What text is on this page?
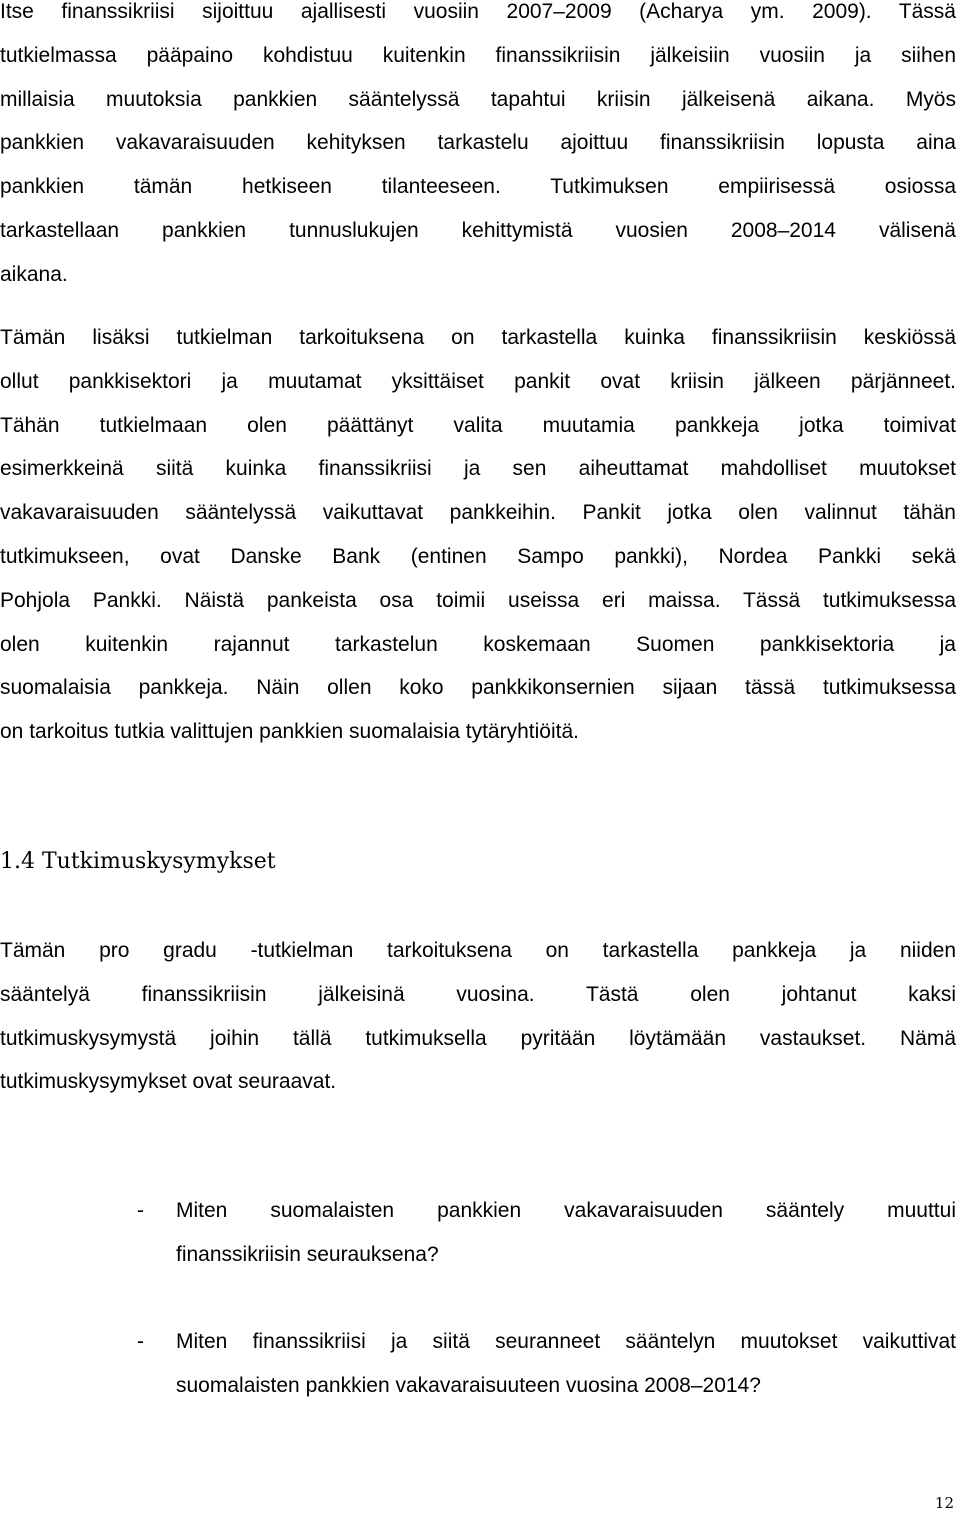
Itse finanssikriisi sijoittuu ajallisesti vuosiin 2007–2009 (Acharya ym. 2009). Tässä
tutkielmassa pääpaino kohdistuu kuitenkin finanssikriisin jälkeisiin vuosiin ja siihen
millaisia muutoksia pankkien sääntelyssä tapahtui kriisin jälkeisenä aikana. Myös
pankkien vakavaraisuuden kehityksen tarkastelu ajoittuu finanssikriisin lopusta aina
pankkien tämän hetkiseen tilanteeseen. Tutkimuksen empiirisessä osiossa
tarkastellaan pankkien tunnuslukujen kehittymistä vuosien 2008–2014 välisenä
aikana.

Tämän lisäksi tutkielman tarkoituksena on tarkastella kuinka finanssikriisin keskiössä
ollut pankkisektori ja muutamat yksittäiset pankit ovat kriisin jälkeen pärjänneet.
Tähän tutkielmaan olen päättänyt valita muutamia pankkeja jotka toimivat
esimerkkeinä siitä kuinka finanssikriisi ja sen aiheuttamat mahdolliset muutokset
vakavaraisuuden sääntelyssä vaikuttavat pankkeihin. Pankit jotka olen valinnut tähän
tutkimukseen, ovat Danske Bank (entinen Sampo pankki), Nordea Pankki sekä
Pohjola Pankki. Näistä pankeista osa toimii useissa eri maissa. Tässä tutkimuksessa
olen kuitenkin rajannut tarkastelun koskemaan Suomen pankkisektoria ja
suomalaisia pankkeja. Näin ollen koko pankkikonsernien sijaan tässä tutkimuksessa
on tarkoitus tutkia valittujen pankkien suomalaisia tytäryhtiöitä.

1.4 Tutkimuskysymykset

Tämän pro gradu -tutkielman tarkoituksena on tarkastella pankkeja ja niiden
sääntelyä finanssikriisin jälkeisinä vuosina. Tästä olen johtanut kaksi
tutkimuskysymystä joihin tällä tutkimuksella pyritään löytämään vastaukset. Nämä
tutkimuskysymykset ovat seuraavat.

- Miten suomalaisten pankkien vakavaraisuuden sääntely muuttui
finanssikriisin seurauksena?
- Miten finanssikriisi ja siitä seuranneet sääntelyn muutokset vaikuttivat
suomalaisten pankkien vakavaraisuuteen vuosina 2008–2014?
12
